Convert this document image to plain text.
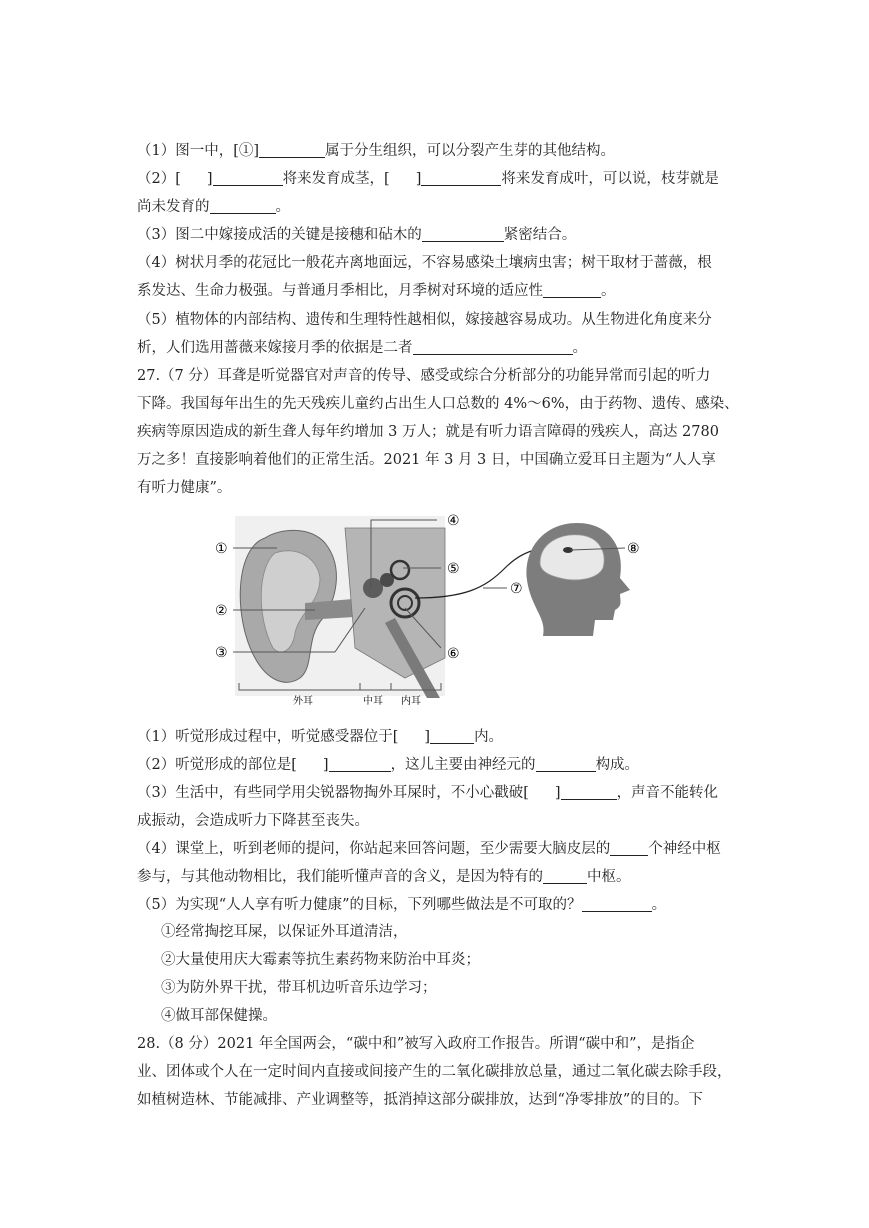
（1）图一中，[①]	属于分生组织，可以分裂产生芽的其他结构。
（2）[ ]	将来发育成茎，[ ]	将来发育成叶，可以说，枝芽就是
尚未发育的	。
（3）图二中嫁接成活的关键是接穗和砧木的	紧密结合。
（4）树状月季的花冠比一般花卉离地面远，不容易感染土壤病虫害；树干取材于蔷薇，根
系发达、生命力极强。与普通月季相比，月季树对环境的适应性	。
（5）植物体的内部结构、遗传和生理特性越相似，嫁接越容易成功。从生物进化角度来分
析，人们选用蔷薇来嫁接月季的依据是二者	。
27.（7 分）耳聋是听觉器官对声音的传导、感受或综合分析部分的功能异常而引起的听力
下降。我国每年出生的先天残疾儿童约占出生人口总数的 4%～6%，由于药物、遗传、感染、
疾病等原因造成的新生聋人每年约增加 3 万人；就是有听力语言障碍的残疾人，高达 2780
万之多！直接影响着他们的正常生活。2021 年 3 月 3 日，中国确立爱耳日主题为“人人享
有听力健康”。
①
②
③
④
⑤
⑥
⑦
⑧
外耳	中耳 内耳
（1）听觉形成过程中，听觉感受器位于[ ]	内。
（2）听觉形成的部位是[ ]	，这儿主要由神经元的	构成。
（3）生活中，有些同学用尖锐器物掏外耳屎时，不小心戳破[ ]	，声音不能转化
成振动，会造成听力下降甚至丧失。
（4）课堂上，听到老师的提问，你站起来回答问题，至少需要大脑皮层的	个神经中枢
参与，与其他动物相比，我们能听懂声音的含义，是因为特有的	中枢。
（5）为实现“人人享有听力健康”的目标，下列哪些做法是不可取的？	。
①经常掏挖耳屎，以保证外耳道清洁，
②大量使用庆大霉素等抗生素药物来防治中耳炎；
③为防外界干扰，带耳机边听音乐边学习；
④做耳部保健操。
28.（8 分）2021 年全国两会，“碳中和”被写入政府工作报告。所谓“碳中和”，是指企
业、团体或个人在一定时间内直接或间接产生的二氧化碳排放总量，通过二氧化碳去除手段，
如植树造林、节能减排、产业调整等，抵消掉这部分碳排放，达到“净零排放”的目的。下
